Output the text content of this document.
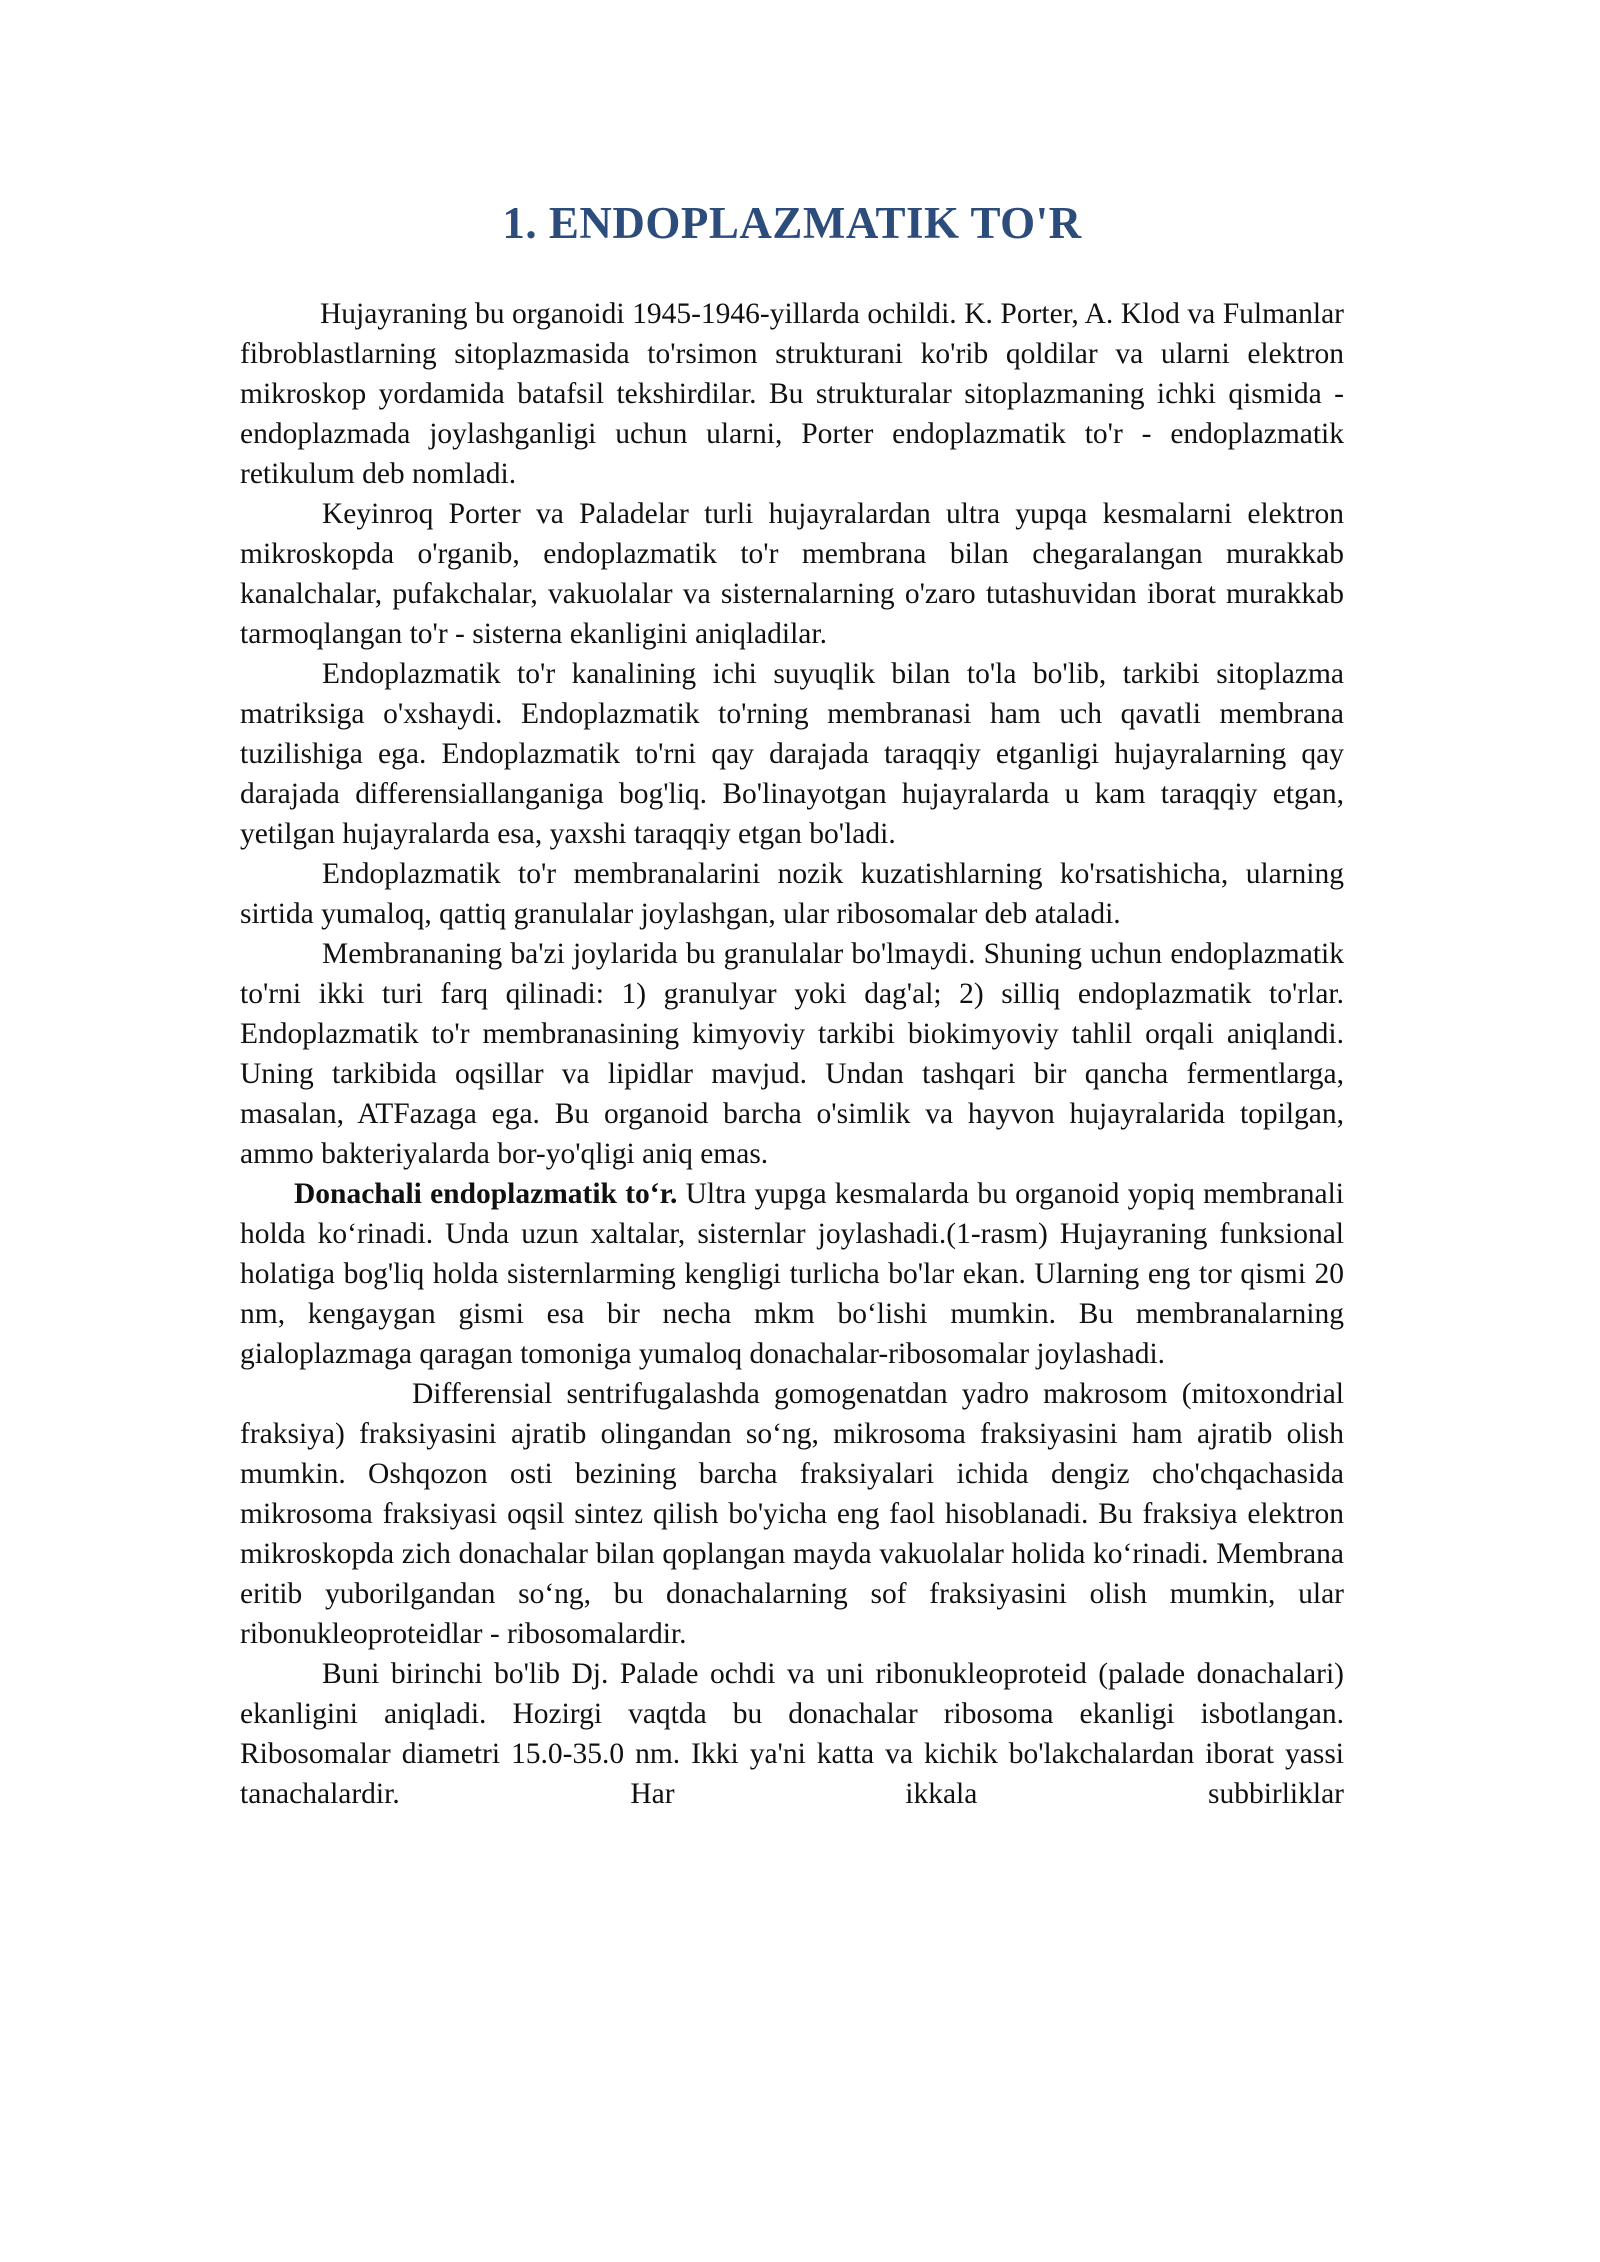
1. ENDOPLAZMATIK TO'R

Hujayraning bu organoidi 1945-1946-yillarda ochildi. K. Porter, A. Klod va Fulmanlar fibroblastlarning sitoplazmasida to'rsimon strukturani ko'rib qoldilar va ularni elektron mikroskop yordamida batafsil tekshirdilar. Bu strukturalar sitoplazmaning ichki qismida - endoplazmada joylashganligi uchun ularni, Porter endoplazmatik to'r - endoplazmatik retikulum deb nomladi.

Keyinroq Porter va Paladelar turli hujayralardan ultra yupqa kesmalarni elektron mikroskopda o'rganib, endoplazmatik to'r membrana bilan chegaralangan murakkab kanalchalar, pufakchalar, vakuolalar va sisternalarning o'zaro tutashuvidan iborat murakkab tarmoqlangan to'r - sisterna ekanligini aniqladilar.

Endoplazmatik to'r kanalining ichi suyuqlik bilan to'la bo'lib, tarkibi sitoplazma matriksiga o'xshaydi. Endoplazmatik to'rning membranasi ham uch qavatli membrana tuzilishiga ega. Endoplazmatik to'rni qay darajada taraqqiy etganligi hujayralarning qay darajada differensiallanganiga bog'liq. Bo'linayotgan hujayralarda u kam taraqqiy etgan, yetilgan hujayralarda esa, yaxshi taraqqiy etgan bo'ladi.

Endoplazmatik to'r membranalarini nozik kuzatishlarning ko'rsatishicha, ularning sirtida yumaloq, qattiq granulalar joylashgan, ular ribosomalar deb ataladi.

Membrananing ba'zi joylarida bu granulalar bo'lmaydi. Shuning uchun endoplazmatik to'rni ikki turi farq qilinadi: 1) granulyar yoki dag'al; 2) silliq endoplazmatik to'rlar. Endoplazmatik to'r membranasining kimyoviy tarkibi biokimyoviy tahlil orqali aniqlandi. Uning tarkibida oqsillar va lipidlar mavjud. Undan tashqari bir qancha fermentlarga, masalan, ATFazaga ega. Bu organoid barcha o'simlik va hayvon hujayralarida topilgan, ammo bakteriyalarda bor-yo'qligi aniq emas.

Donachali endoplazmatik to‘r. Ultra yupga kesmalarda bu organoid yopiq membranali holda ko‘rinadi. Unda uzun xaltalar, sisternlar joylashadi.(1-rasm) Hujayraning funksional holatiga bog'liq holda sisternlarming kengligi turlicha bo'lar ekan. Ularning eng tor qismi 20 nm, kengaygan gismi esa bir necha mkm bo‘lishi mumkin. Bu membranalarning gialoplazmaga qaragan tomoniga yumaloq donachalar-ribosomalar joylashadi.

Differensial sentrifugalashda gomogenatdan yadro makrosom (mitoxondrial fraksiya) fraksiyasini ajratib olingandan so‘ng, mikrosoma fraksiyasini ham ajratib olish mumkin. Oshqozon osti bezining barcha fraksiyalari ichida dengiz cho'chqachasida mikrosoma fraksiyasi oqsil sintez qilish bo'yicha eng faol hisoblanadi. Bu fraksiya elektron mikroskopda zich donachalar bilan qoplangan mayda vakuolalar holida ko‘rinadi. Membrana eritib yuborilgandan so‘ng, bu donachalarning sof fraksiyasini olish mumkin, ular ribonukleoproteidlar - ribosomalardir.

Buni birinchi bo'lib Dj. Palade ochdi va uni ribonukleoproteid (palade donachalari) ekanligini aniqladi. Hozirgi vaqtda bu donachalar ribosoma ekanligi isbotlangan. Ribosomalar diametri 15.0-35.0 nm. Ikki ya'ni katta va kichik bo'lakchalardan iborat yassi tanachalardir. Har ikkala subbirliklar
